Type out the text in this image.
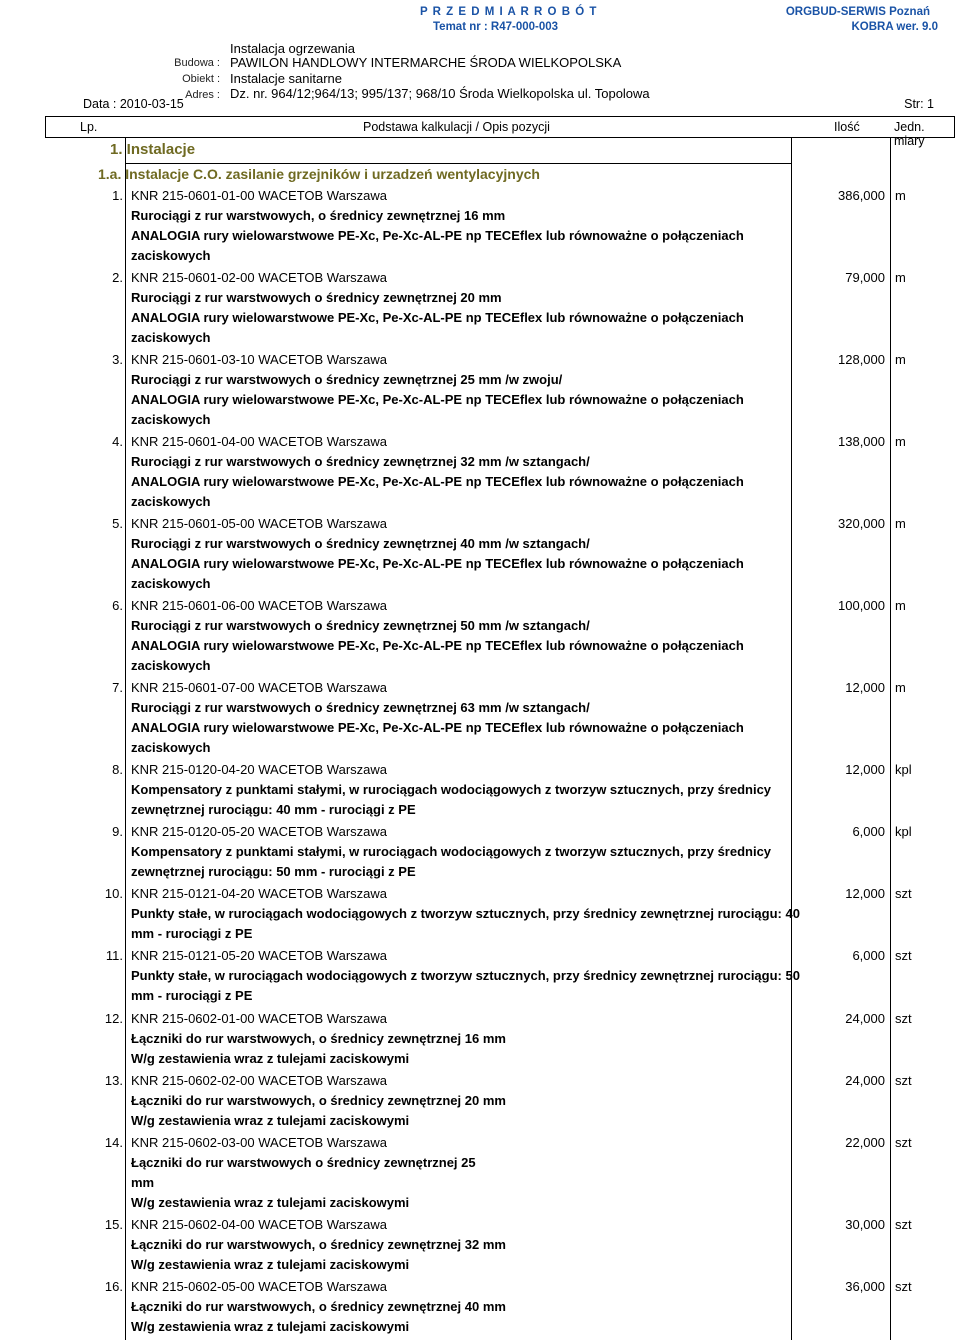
P R Z E D M I A R R O B Ó T
Temat nr : R47-000-003
ORGBUD-SERWIS Poznań
KOBRA wer. 9.0
Instalacja ogrzewania
Budowa : PAWILON HANDLOWY INTERMARCHE ŚRODA WIELKOPOLSKA
Obiekt : Instalacje sanitarne
Adres : Dz. nr. 964/12;964/13; 995/137; 968/10 Środa Wielkopolska ul. Topolowa
Data : 2010-03-15	Str: 1
Lp.	Podstawa kalkulacji / Opis pozycji	Ilość	Jedn. miary
1. Instalacje
1.a. Instalacje C.O. zasilanie grzejników i urzadzeń wentylacyjnych
1. KNR 215-0601-01-00 WACETOB Warszawa
Rurociągi z rur warstwowych, o średnicy zewnętrznej 16 mm
ANALOGIA rury wielowarstwowe PE-Xc, Pe-Xc-AL-PE np TECEflex lub równoważne o połączeniach
zaciskowych
386,000 m
2. KNR 215-0601-02-00 WACETOB Warszawa
Rurociągi z rur warstwowych o średnicy zewnętrznej 20 mm
ANALOGIA rury wielowarstwowe PE-Xc, Pe-Xc-AL-PE np TECEflex lub równoważne o połączeniach
zaciskowych
79,000 m
3. KNR 215-0601-03-10 WACETOB Warszawa
Rurociągi z rur warstwowych o średnicy zewnętrznej 25 mm /w zwoju/
ANALOGIA rury wielowarstwowe PE-Xc, Pe-Xc-AL-PE np TECEflex lub równoważne o połączeniach
zaciskowych
128,000 m
4. KNR 215-0601-04-00 WACETOB Warszawa
Rurociągi z rur warstwowych o średnicy zewnętrznej 32 mm /w sztangach/
ANALOGIA rury wielowarstwowe PE-Xc, Pe-Xc-AL-PE np TECEflex lub równoważne o połączeniach
zaciskowych
138,000 m
5. KNR 215-0601-05-00 WACETOB Warszawa
Rurociągi z rur warstwowych o średnicy zewnętrznej 40 mm /w sztangach/
ANALOGIA rury wielowarstwowe PE-Xc, Pe-Xc-AL-PE np TECEflex lub równoważne o połączeniach
zaciskowych
320,000 m
6. KNR 215-0601-06-00 WACETOB Warszawa
Rurociągi z rur warstwowych o średnicy zewnętrznej 50 mm /w sztangach/
ANALOGIA rury wielowarstwowe PE-Xc, Pe-Xc-AL-PE np TECEflex lub równoważne o połączeniach
zaciskowych
100,000 m
7. KNR 215-0601-07-00 WACETOB Warszawa
Rurociągi z rur warstwowych o średnicy zewnętrznej 63 mm /w sztangach/
ANALOGIA rury wielowarstwowe PE-Xc, Pe-Xc-AL-PE np TECEflex lub równoważne o połączeniach
zaciskowych
12,000 m
8. KNR 215-0120-04-20 WACETOB Warszawa
Kompensatory z punktami stałymi, w rurociągach wodociągowych z tworzyw sztucznych, przy średnicy
zewnętrznej rurociągu: 40 mm - rurociągi z PE
12,000 kpl
9. KNR 215-0120-05-20 WACETOB Warszawa
Kompensatory z punktami stałymi, w rurociągach wodociągowych z tworzyw sztucznych, przy średnicy
zewnętrznej rurociągu: 50 mm - rurociągi z PE
6,000 kpl
10. KNR 215-0121-04-20 WACETOB Warszawa
Punkty stałe, w rurociągach wodociągowych z tworzyw sztucznych, przy średnicy zewnętrznej rurociągu: 40
mm - rurociągi z PE
12,000 szt
11. KNR 215-0121-05-20 WACETOB Warszawa
Punkty stałe, w rurociągach wodociągowych z tworzyw sztucznych, przy średnicy zewnętrznej rurociągu: 50
mm - rurociągi z PE
6,000 szt
12. KNR 215-0602-01-00 WACETOB Warszawa
Łączniki do rur warstwowych, o średnicy zewnętrznej 16 mm
W/g zestawienia wraz z tulejami zaciskowymi
24,000 szt
13. KNR 215-0602-02-00 WACETOB Warszawa
Łączniki do rur warstwowych, o średnicy zewnętrznej 20 mm
W/g zestawienia wraz z tulejami zaciskowymi
24,000 szt
14. KNR 215-0602-03-00 WACETOB Warszawa
Łączniki do rur warstwowych o średnicy zewnętrznej 25
mm
W/g zestawienia wraz z tulejami zaciskowymi
22,000 szt
15. KNR 215-0602-04-00 WACETOB Warszawa
Łączniki do rur warstwowych, o średnicy zewnętrznej 32 mm
W/g zestawienia wraz z tulejami zaciskowymi
30,000 szt
16. KNR 215-0602-05-00 WACETOB Warszawa
Łączniki do rur warstwowych, o średnicy zewnętrznej 40 mm
W/g zestawienia wraz z tulejami zaciskowymi
36,000 szt
